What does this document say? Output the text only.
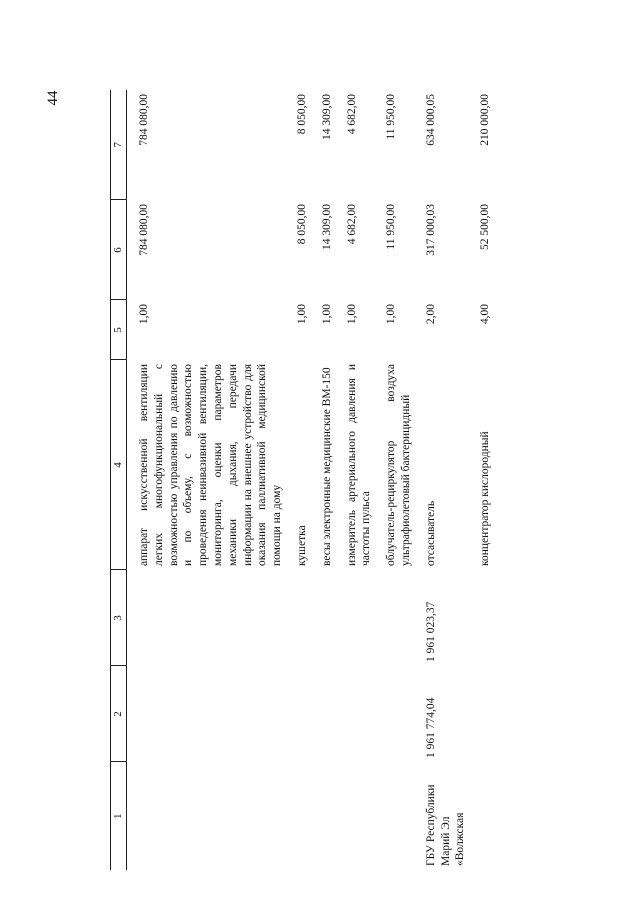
44
1	2	3	4	5	6	7

			аппарат искусственной вентиляции легких многофункциональный с возможностью управления по давлению и по объему, с возможностью проведения неинвазивной вентиляции, мониторинга, оценки параметров механики дыхания, передачи информации на внешнее устройство для оказания паллиативной медицинской помощи на дому	1,00	784 080,00	784 080,00

			кушетка	1,00	8 050,00	8 050,00

			весы электронные медицинские ВМ-150	1,00	14 309,00	14 309,00

			измеритель артериального давления и частоты пульса	1,00	4 682,00	4 682,00

			облучатель-рециркулятор воздуха ультрафиолетовый бактерицидный	1,00	11 950,00	11 950,00

ГБУ Республики Марий Эл «Волжская	1 961 774,04	1 961 023,37	отсасыватель	2,00	317 000,03	634 000,05

			концентратор кислородный	4,00	52 500,00	210 000,00
